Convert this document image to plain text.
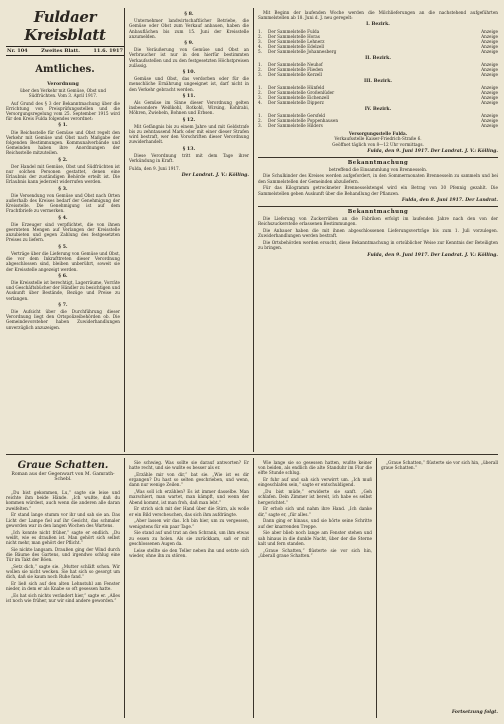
Fuldaer Kreisblatt
Nr. 104	Zweites Blatt.	11.6. 1917
Amtliches.
Verordnung
über den Verkehr mit Gemüse, Obst und Südfrüchten. Vom 3. April 1917.

Auf Grund des § 3 der Bekanntmachung über die Errichtung von Preisprüfungsstellen und die Versorgungsregelung vom 25. September 1915 wird für den Kreis Fulda folgendes verordnet:

§ 1.

Die Reichsstelle für Gemüse und Obst regelt den Verkehr mit Gemüse und Obst nach Maßgabe der folgenden Bestimmungen. Kommunalverbände und Gemeinden haben ihre Anordnungen der Reichsstelle mitzuteilen.

§ 2.

Der Handel mit Gemüse, Obst und Südfrüchten ist nur solchen Personen gestattet, denen eine Erlaubnis der zuständigen Behörde erteilt ist. Die Erlaubnis kann jederzeit widerrufen werden.

§ 3.

Die Versendung von Gemüse und Obst nach Orten außerhalb des Kreises bedarf der Genehmigung der Kreisstelle. Die Genehmigung ist auf dem Frachtbriefe zu vermerken.

§ 4.

Die Erzeuger sind verpflichtet, die von ihnen geernteten Mengen auf Verlangen der Kreisstelle anzubieten und gegen Zahlung des festgesetzten Preises zu liefern.

§ 5.

Verträge über die Lieferung von Gemüse und Obst, die vor dem Inkrafttreten dieser Verordnung abgeschlossen sind, bleiben unberührt, soweit sie der Kreisstelle angezeigt werden.

§ 6.

Die Kreisstelle ist berechtigt, Lagerräume, Vorräte und Geschäftsbücher der Händler zu besichtigen und Auskunft über Bestände, Bezüge und Preise zu verlangen.

§ 7.

Die Aufsicht über die Durchführung dieser Verordnung liegt den Ortspolizeibehörden ob. Die Gemeindevorsteher haben Zuwiderhandlungen unverzüglich anzuzeigen.

§ 8.

Unternehmer landwirtschaftlicher Betriebe, die Gemüse oder Obst zum Verkauf anbauen, haben die Anbauflächen bis zum 15. Juni der Kreisstelle anzumelden.

§ 9.

Die Veräußerung von Gemüse und Obst an Verbraucher ist nur in den hierfür bestimmten Verkaufsstellen und zu den festgesetzten Höchstpreisen zulässig.

§ 10.

Gemüse und Obst, das verdorben oder für die menschliche Ernährung ungeeignet ist, darf nicht in den Verkehr gebracht werden.

§ 11.

Als Gemüse im Sinne dieser Verordnung gelten insbesondere Weißkohl, Rotkohl, Wirsing, Kohlrabi, Möhren, Zwiebeln, Bohnen und Erbsen.

§ 12.

Mit Gefängnis bis zu einem Jahre und mit Geldstrafe bis zu zehntausend Mark oder mit einer dieser Strafen wird bestraft, wer den Vorschriften dieser Verordnung zuwiderhandelt.

§ 13.

Diese Verordnung tritt mit dem Tage ihrer Verkündung in Kraft.

Fulda, den 9. Juni 1917.
Der Landrat. J. V.: Kölling.

Mit Beginn der laufenden Woche werden die Milchlieferungen an die nachstehend aufgeführten Sammelstellen ab 18. Juni d. J. neu geregelt:

I. Bezirk.
1.	Der Sammelstelle Fulda	Anzeige
2.	Der Sammelstelle Horas	Anzeige
3.	Der Sammelstelle Lehnerz	Anzeige
4.	Der Sammelstelle Edelzell	Anzeige
5.	Der Sammelstelle Johannesberg	Anzeige
II. Bezirk.
1.	Der Sammelstelle Neuhof	Anzeige
2.	Der Sammelstelle Flieden	Anzeige
3.	Der Sammelstelle Kerzell	Anzeige
III. Bezirk.
1.	Der Sammelstelle Hünfeld	Anzeige
2.	Der Sammelstelle Großenlüder	Anzeige
3.	Der Sammelstelle Eichenzell	Anzeige
4.	Der Sammelstelle Dipperz	Anzeige
IV. Bezirk.
1.	Der Sammelstelle Gersfeld	Anzeige
2.	Der Sammelstelle Poppenhausen	Anzeige
3.	Der Sammelstelle Hilders	Anzeige
Versorgungsstelle Fulda.
Verkaufsstelle Kaiser-Friedrich-Straße 6.
Geöffnet täglich von 8—12 Uhr vormittags.
Fulda, den 9. Juni 1917. Der Landrat. J. V.: Kölling.
Bekanntmachung
betreffend die Einsammlung von Brennesseln.

Die Schulkinder des Kreises werden aufgefordert, in den Sommermonaten Brennesseln zu sammeln und bei den Sammelstellen der Gemeinden abzuliefern.

Für das Kilogramm getrockneter Brennesselstengel wird ein Betrag von 30 Pfennig gezahlt. Die Sammelstellen geben Auskunft über die Behandlung der Pflanzen.

Fulda, den 8. Juni 1917. Der Landrat.
Bekanntmachung

Die Lieferung von Zuckerrüben an die Fabriken erfolgt im laufenden Jahre nach den von der Reichszuckerstelle erlassenen Bestimmungen.

Die Anbauer haben die mit ihnen abgeschlossenen Lieferungsverträge bis zum 1. Juli vorzulegen. Zuwiderhandlungen werden bestraft.

Die Ortsbehörden werden ersucht, diese Bekanntmachung in ortsüblicher Weise zur Kenntnis der Beteiligten zu bringen.

Fulda, den 9. Juni 1917. Der Landrat. J. V.: Kölling.
Graue Schatten.
Roman aus der Gegenwart von M. Gamrath-Schebl.

„Du bist gekommen, Lu,“ sagte sie leise und reichte ihm beide Hände. „Ich wußte, daß du kommen würdest, auch wenn die anderen alle daran zweifelten.“

Er stand lange stumm vor ihr und sah sie an. Das Licht der Lampe fiel auf ihr Gesicht, das schmaler geworden war in den langen Wochen des Wartens.

„Ich konnte nicht früher,“ sagte er endlich. „Du weißt, wie es draußen ist. Man gehört sich selbst nicht mehr, man gehört der Pflicht.“

Sie nickte langsam. Draußen ging der Wind durch die Bäume des Gartens, und irgendwo schlug eine Tür im Takt der Böen.

„Setz dich,“ sagte sie. „Mutter schläft schon. Wir wollen sie nicht wecken. Sie hat sich so gesorgt um dich, daß sie kaum noch Ruhe fand.“

Er ließ sich auf den alten Lehnstuhl am Fenster nieder, in dem er als Knabe so oft gesessen hatte.

„Es hat sich nichts verändert hier,“ sagte er. „Alles ist noch wie früher, nur wir sind andere geworden.“

Sie schwieg. Was sollte sie darauf antworten? Er hatte recht, und sie wußte es besser als er.

„Erzähle mir von dir,“ bat sie. „Wie ist es dir ergangen? Du hast so selten geschrieben, und wenn, dann nur wenige Zeilen.“

„Was soll ich erzählen? Es ist immer dasselbe. Man marschiert, man wartet, man kämpft, und wenn der Abend kommt, ist man froh, daß man lebt.“

Er strich sich mit der Hand über die Stirn, als wolle er ein Bild verscheuchen, das sich ihm aufdrängte.

„Aber lassen wir das. Ich bin hier, um zu vergessen, wenigstens für ein paar Tage.“

Sie stand auf und trat an den Schrank, um ihm etwas zu essen zu holen. Als sie zurückkam, saß er mit geschlossenen Augen da.

Leise stellte sie den Teller neben ihn und setzte sich wieder, ohne ihn zu stören.

Wie lange sie so gesessen hatten, wußte keiner von beiden, als endlich die alte Standuhr im Flur die elfte Stunde schlug.

Er fuhr auf und sah sich verwirrt um. „Ich muß eingeschlafen sein,“ sagte er entschuldigend.

„Du bist müde,“ erwiderte sie sanft. „Geh schlafen. Dein Zimmer ist bereit, ich habe es selbst hergerichtet.“

Er erhob sich und nahm ihre Hand. „Ich danke dir,“ sagte er, „für alles.“

Dann ging er hinaus, und sie hörte seine Schritte auf der knarrenden Treppe.

Sie aber blieb noch lange am Fenster stehen und sah hinaus in die dunkle Nacht, über der die Sterne kalt und fern standen.

„Graue Schatten,“ flüsterte sie vor sich hin, „überall graue Schatten.“

„Graue Schatten,“ flüsterte sie vor sich hin, „überall graue Schatten.“

Fortsetzung folgt.
